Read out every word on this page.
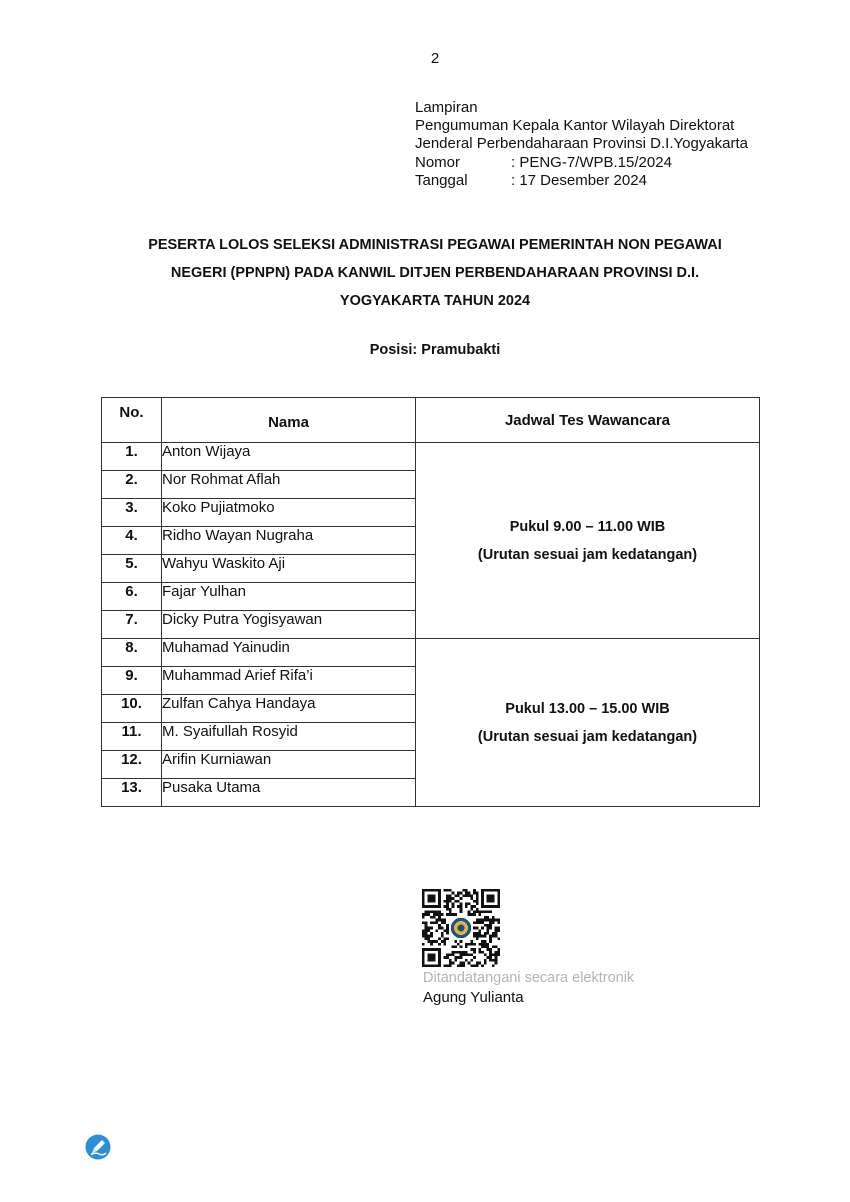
2
Lampiran
Pengumuman Kepala Kantor Wilayah Direktorat
Jenderal Perbendaharaan Provinsi D.I.Yogyakarta
Nomor	: PENG-7/WPB.15/2024
Tanggal	: 17 Desember 2024
PESERTA LOLOS SELEKSI ADMINISTRASI PEGAWAI PEMERINTAH NON PEGAWAI
NEGERI (PPNPN) PADA KANWIL DITJEN PERBENDAHARAAN PROVINSI D.I.
YOGYAKARTA TAHUN 2024
Posisi: Pramubakti
No.	Nama	Jadwal Tes Wawancara
1.	Anton Wijaya	Pukul 9.00 – 11.00 WIB
(Urutan sesuai jam kedatangan)

2.	Nor Rohmat Aflah	
3.	Koko Pujiatmoko	
4.	Ridho Wayan Nugraha	
5.	Wahyu Waskito Aji	
6.	Fajar Yulhan	
7.	Dicky Putra Yogisyawan	
8.	Muhamad Yainudin	Pukul 13.00 – 15.00 WIB
(Urutan sesuai jam kedatangan)

9.	Muhammad Arief Rifa’i	
10.	Zulfan Cahya Handaya	
11.	M. Syaifullah Rosyid	
12.	Arifin Kurniawan	
13.	Pusaka Utama	
Ditandatangani secara elektronik
Agung Yulianta
